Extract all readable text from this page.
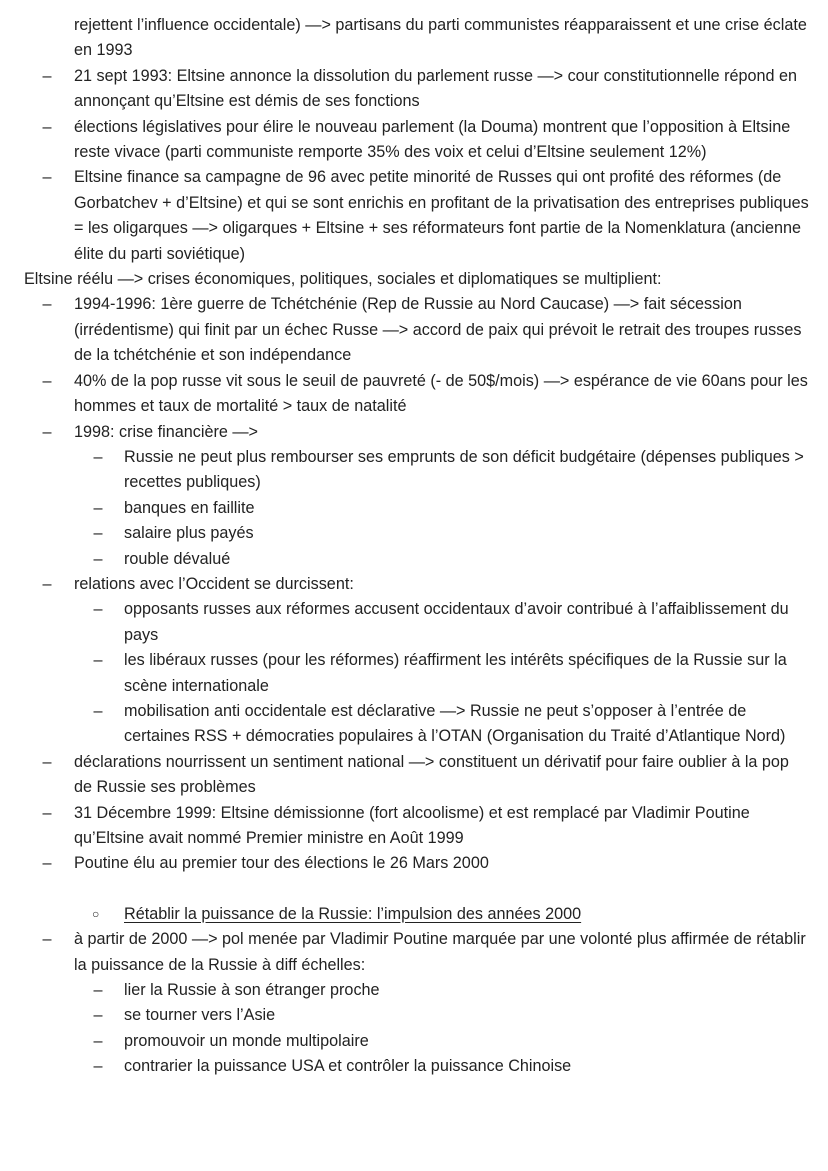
rejettent l’influence occidentale) —> partisans du parti communistes réapparaissent et une crise éclate en 1993
– 21 sept 1993: Eltsine annonce la dissolution du parlement russe —> cour constitutionnelle répond en annonçant qu’Eltsine est démis de ses fonctions
– élections législatives pour élire le nouveau parlement (la Douma) montrent que l’opposition à Eltsine reste vivace (parti communiste remporte 35% des voix et celui d’Eltsine seulement 12%)
– Eltsine finance sa campagne de 96 avec petite minorité de Russes qui ont profité des réformes (de Gorbatchev + d’Eltsine) et qui se sont enrichis en profitant de la privatisation des entreprises publiques = les oligarques —> oligarques + Eltsine + ses réformateurs font partie de la Nomenklatura (ancienne élite du parti soviétique)
Eltsine réélu —> crises économiques, politiques, sociales et diplomatiques se multiplient:
– 1994-1996: 1ère guerre de Tchétchénie (Rep de Russie au Nord Caucase) —> fait sécession (irrédentisme) qui finit par un échec Russe —> accord de paix qui prévoit le retrait des troupes russes de la tchétchénie et son indépendance
– 40% de la pop russe vit sous le seuil de pauvreté (- de 50$/mois) —> espérance de vie 60ans pour les hommes et taux de mortalité > taux de natalité
– 1998: crise financière —>
– Russie ne peut plus rembourser ses emprunts de son déficit budgétaire (dépenses publiques > recettes publiques)
– banques en faillite
– salaire plus payés
– rouble dévalué
– relations avec l’Occident se durcissent:
– opposants russes aux réformes accusent occidentaux d’avoir contribué à l’affaiblissement du pays
– les libéraux russes (pour les réformes) réaffirment les intérêts spécifiques de la Russie sur la scène internationale
– mobilisation anti occidentale est déclarative —> Russie ne peut s’opposer à l’entrée de certaines RSS + démocraties populaires à l’OTAN (Organisation du Traité d’Atlantique Nord)
– déclarations nourrissent un sentiment national —> constituent un dérivatif pour faire oublier à la pop de Russie ses problèmes
– 31 Décembre 1999: Eltsine démissionne (fort alcoolisme) et est remplacé par Vladimir Poutine qu’Eltsine avait nommé Premier ministre en Août 1999
– Poutine élu au premier tour des élections le 26 Mars 2000
○ Rétablir la puissance de la Russie: l’impulsion des années 2000
– à partir de 2000 —> pol menée par Vladimir Poutine marquée par une volonté plus affirmée de rétablir la puissance de la Russie à diff échelles:
– lier la Russie à son étranger proche
– se tourner vers l’Asie
– promouvoir un monde multipolaire
– contrarier la puissance USA et contrôler la puissance Chinoise
